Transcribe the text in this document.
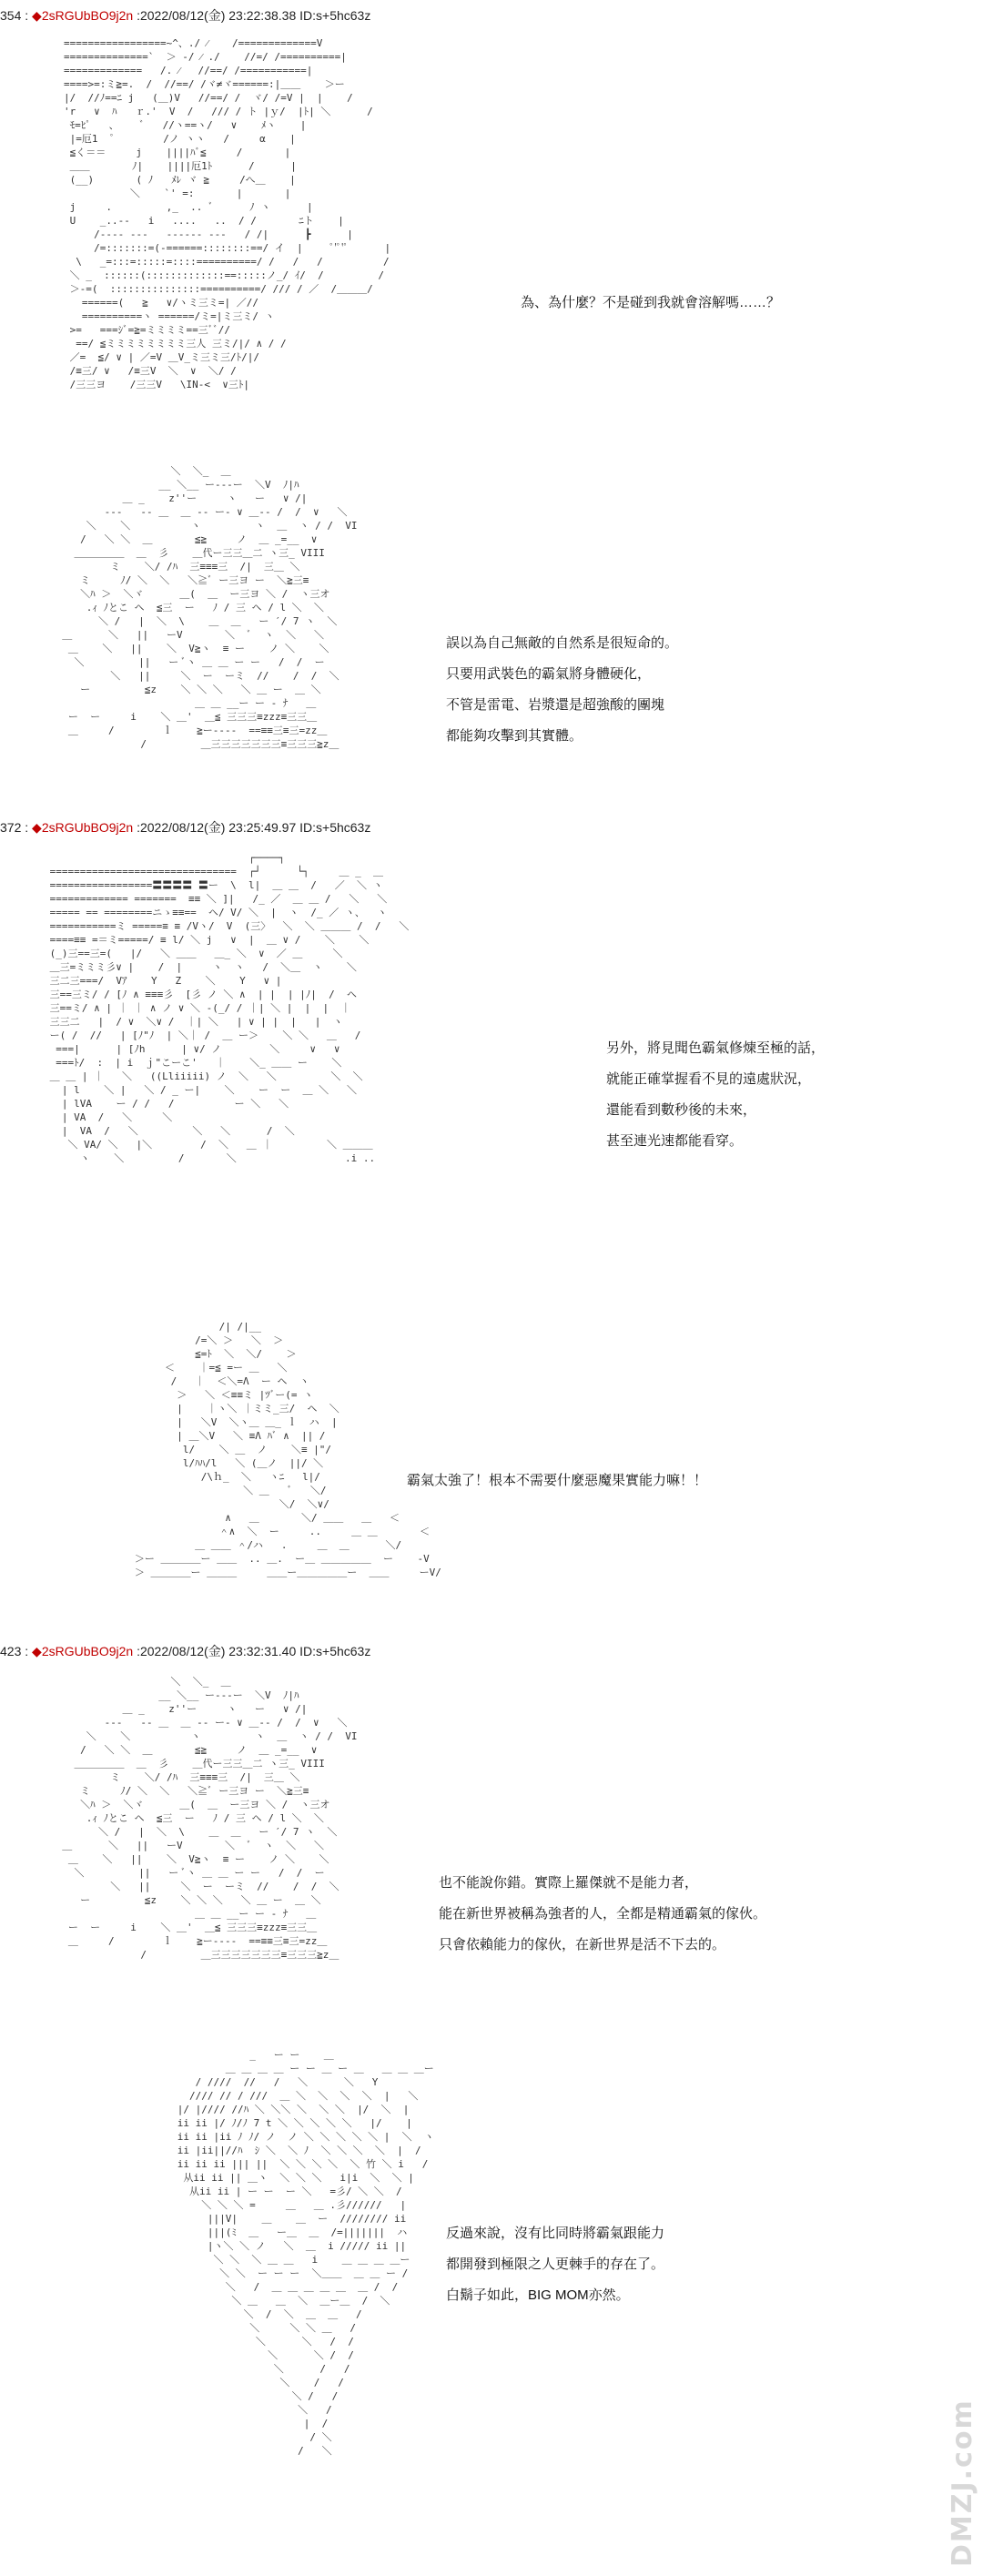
354 : ◆2sRGUbBO9j2n :2022/08/12(金) 23:22:38.38 ID:s+5hc63z
=================~^、./ ⁄    /=============V
==============`  ＞ -/ ⁄ ./    //=/ /==========|
=============   /. ⁄   //==/ /===========|
====>=:ミ≧=.  /  //==/ /ヾ≠ヾ======:|＿＿    ＞ー
|/  //ﾉ==ﾆ j   (＿)V   //==/ /  ヾ/ /=V |  |    /
'r   ∨  ﾊ   ｒ.'  V  /   /// / ト |ｙ/  |ﾄ| ＼      /
ﾓ=ﾋﾟ   、    ﾞ   //ヽ==ヽ/   ∨    ﾒヽ    |
|=厄1  ﾟ        /ノ ヽヽ   /     α    |
≦く＝＝     j    ||||ﾊﾞ≦     /       |
＿＿       ﾉ|    ||||厄1ﾄ      /      |
(__)       ( ﾉ   ﾒﾚ ヾ ≧     /へ＿    |
＼    `' =:       |       |
j     .         ,_  .. ﾞ      ﾉ ヽ      |
U    _..--   i   ....   ..  / /       ﾆト    |
/---- ---   ------ ---   / /|      ┣      |
/=:::::::=(-======::::::::==/ イ  |     ﾟ'ﾟ'ﾟ      |
\   _=:::=:::::=::::==========/ /   /   /          /
＼ _  ::::::(:::::::::::::==:::::ノ_/ ｲ/  /         /
＞-=(  :::::::::::::::==========/ /// / ／  /＿＿＿/
======(   ≧   ∨/ヽミ三ミ=| ／//
==========ヽ ======/ミ=|ミ三ミ/ ヽ
>=   ===ｼﾞ=≧=ミミミミ==三ﾞﾞ//
==/ ≦ミミミミミミミミ三人 三ミ/|/ ∧ / /
／=  ≦/ ∨ | ／=V ＿V_ミ三ミ三/ﾄ/|/
/≡三/ ∨   /≡三V  ＼  ∨  ＼/ /
/三三ヨ    /三三V   \IN-<  ∨三ﾄ|

為、為什麼？不是碰到我就會溶解嗎……？
＼  ＼_  ＿
__ ＼__ ー---ー  ＼V  ﾉ|ﾊ
＿ _    z''ー     ヽ   ー   ∨ /|
---   -- ＿  ＿ -- ー- ∨ ＿-- /  /  ∨   ＼
＼    ＼          ヽ         ヽ  ＿  ヽ / /  VI
/   ＼ ＼  ＿       ≦≧     ノ  ＿ _=__  ∨
＿＿＿＿＿  ＿  彡    ＿代ー三三＿二 ヽ三_ VIII
ミ    ＼/ /ﾊ  三≡≡≡三  /|  三＿ ＼
ミ     ﾉ/ ＼  ＼   ＼≧ﾞ ー三ヨ ー  ＼≧三≡
＼ﾊ ＞  ＼ヾ      ＿(  ＿  ー三ヨ ＼ /  ヽ三オ
.ｨ ﾉとこ ヘ  ≦三  ー   ﾉ / 三 ヘ / l ＼  ＼
＼ /   |  ＼  \    ＿  ＿   ー ′/ 7 ヽ  ＼
＿      ＼   ||   ーV       ＼  ﾞ  ヽ  ＼   ＼
＿    ＼   ||    ＼  V≧ヽ  ≡ ー    ノ ＼    ＼
＼         ||   ー ﾞヽ ＿ ＿ ー ー   /  /  ー
＼   ||     ＼  ー  ーミ  //    /  /  ＼
ー         ≦z    ＼ ＼ ＼   ＼ ＿ ー  ＿ ＼
＿ ＿ __ー ー - ﾅ   ＿
ー  ー     i    ＼ ＿'  ＿≦ 三三三≡zzz≡三三＿
＿     /        ｌ    ≧ー----  ==≡≡三≡三=zz＿
/         ＿三三三三三三三≡三三三≧z＿

誤以為自己無敵的自然系是很短命的。
只要用武裝色的霸氣將身體硬化，
不管是雷電、岩漿還是超強酸的團塊
都能夠攻擊到其實體。
372 : ◆2sRGUbBO9j2n :2022/08/12(金) 23:25:49.97 ID:s+5hc63z
┌────┐
===============================  ┌┘      └┐     ＿ _  ＿
=================〓〓〓〓 〓ー  \  l|  ＿ ＿  /   ／  ＼ ヽ
============= =======  ≡≡ ＼ ]|   /_ ／  ＿ ＿ /   ＼   ＼
===== == ========ニゝ≡≡==  ヘ/ V/ ＼  |  ヽ  /_ ／ ヽ、  ヽ
===========ミ =====≡ ≡ /Vヽ/  V  (三〉  ＼  ＼ ＿＿＿ /  /   ＼
====≡≡ =＝ミ=====/ ≡ l/ ＼ j   ∨  |  ＿ ∨ /    ＼    ＼
(_)三==三=(   |/   ＼ ＿＿   ＿_ ＼  ∨  ／ ＿     ＼
＿三=ミミミ彡∨ |    /  |     ヽ  ヽ   /  ＼＿  ヽ    ＼
三二三===/  Vｱ    Y   Z    ＼    Y   ∨ |
三==三ミ/ / [ﾉ ∧ ≡≡≡彡  [彡 ノ ＼ ∧  | |  | |ﾉ|  /  ヘ
三==ミ/ ∧ | ｜ ｜ ∧ ノ ∨ ＼ -(_/ / ｜| ＼ |  |  |  ｜
三三二   |  / ∨  ＼∨ /  ｜| ＼   | ∨ | |  |   |  ヽ
ー( /  //   | [ﾉ"ﾉ  | ＼｜ /  ＿ ー＞    ＼ ＼   ＿   /
===|      | [ﾉh      | ∨/ ノ        ＼     ∨   ∨
===ﾄ/  :  | i  ｊ"こーこ'   ｜    ＼_ ＿＿ ー    ＼
＿ ＿ | ｜   ＼   ((Lliiiii) ノ  ＼   ＼         ＼  ＼
| l    ＼ |   ＼ / _ ー|    ＼    ー  ー  ＿ ＼   ＼
| lVA    ー / /   /          ー ＼   ＼
| VA  /   ＼     ＼
|  VA  /   ＼         ＼   ＼      /  ＼
＼ VA/ ＼   |＼        /  ＼   ＿ ｜         ＼ ＿＿＿
ヽ    ＼         /       ＼                  .i ..

另外，將見聞色霸氣修煉至極的話，
就能正確掌握看不見的遠處狀況，
還能看到數秒後的未來，
甚至連光速都能看穿。
/| /|__
/=＼ ＞   ＼  ＞
≦=ﾄ  ＼  ＼/    ＞
＜    ｜=≦ =ー ＿   ＼
/   ｜  ＜＼=Λ  ー ヘ  ヽ
＞   ＼ ＜≡≡ミ |ﾂﾞー(= ヽ
|    ｜ヽ＼ ｜ミミ_三/  ヘ  ＼
|   ＼V  ＼ヽ＿ ＿_ ｌ  ハ  |
| ＿＼V   ＼ ≡Λ ﾊﾞ ∧  || /
l/    ＼ ＿  ノ    ＼≡ |"/
l/ﾊﾊ/l   ＼ (＿ノ  ||/ ＼
/\ｈ_  ＼   ヽﾆ   l|/
＼ ＿   ﾞ   ＼/
＼/  ＼∨/
∧   ＿       ＼/ ＿＿   ＿   ＜
＾∧  ＼  ー     ..     ＿ ＿       ＜
＿ ＿＿ ＾/ハ   .     ＿  ＿      ＼/
＞ー ＿＿＿＿ー ＿＿  .. ＿.  ー＿ ＿＿＿＿＿  ー    -V
＞ ＿＿＿＿ー ＿＿＿     ＿＿ー＿＿＿＿＿ー  ＿＿     ーV/

霸氣太強了！根本不需要什麼惡魔果實能力嘛！！
423 : ◆2sRGUbBO9j2n :2022/08/12(金) 23:32:31.40 ID:s+5hc63z
＼  ＼_  ＿
__ ＼__ ー---ー  ＼V  ﾉ|ﾊ
＿ _    z''ー     ヽ   ー   ∨ /|
---   -- ＿  ＿ -- ー- ∨ ＿-- /  /  ∨   ＼
＼    ＼          ヽ         ヽ  ＿  ヽ / /  VI
/   ＼ ＼  ＿       ≦≧     ノ  ＿ _=__  ∨
＿＿＿＿＿  ＿  彡    ＿代ー三三＿二 ヽ三_ VIII
ミ    ＼/ /ﾊ  三≡≡≡三  /|  三＿ ＼
ミ     ﾉ/ ＼  ＼   ＼≧ﾞ ー三ヨ ー  ＼≧三≡
＼ﾊ ＞  ＼ヾ      ＿(  ＿  ー三ヨ ＼ /  ヽ三オ
.ｨ ﾉとこ ヘ  ≦三  ー   ﾉ / 三 ヘ / l ＼  ＼
＼ /   |  ＼  \    ＿  ＿   ー ′/ 7 ヽ  ＼
＿      ＼   ||   ーV       ＼  ﾞ  ヽ  ＼   ＼
＿    ＼   ||    ＼  V≧ヽ  ≡ ー    ノ ＼    ＼
＼         ||   ー ﾞヽ ＿ ＿ ー ー   /  /  ー
＼   ||     ＼  ー  ーミ  //    /  /  ＼
ー         ≦z    ＼ ＼ ＼   ＼ ＿ ー  ＿ ＼
＿ ＿ __ー ー - ﾅ   ＿
ー  ー     i    ＼ ＿'  ＿≦ 三三三≡zzz≡三三＿
＿     /        ｌ    ≧ー----  ==≡≡三≡三=zz＿
/         ＿三三三三三三三≡三三三≧z＿

也不能說你錯。實際上羅傑就不是能力者，
能在新世界被稱為強者的人，全都是精通霸氣的傢伙。
只會依賴能力的傢伙，在新世界是活不下去的。
_   ー ー    ＿
＿ ＿ ＿ ＿ ー ー ＿ ー ＿   ＿ ＿ ＿ー
/ ////  //   /   ＼      ＼   Y
//// // / ///  ＿ ＼  ＼  ＼  ＼  |   ＼
|/ |//// //ﾊ ＼ ＼＼ ＼  ＼ ＼  |/  ＼  |
ii ii |/ ﾉ/ﾉ 7 t ＼ ＼ ＼ ＼ ＼   |/    |
ii ii |ii ﾉ ﾉ/ ノ  ノ ＼ ＼ ＼ ＼ ＼ |  ＼  ヽ
ii |ii||//ﾊ  ｼ ＼  ＼ ﾉ  ＼ ＼ ＼  ＼  |  /
ii ii ii ||| ||  ＼ ＼ ＼ ＼  ＼ 竹 ＼ i   /
从ii ii || ＿ヽ  ＼ ＼ ＼   i|i  ＼  ＼ |
从ii ii | ー ー  ー ＼   =彡/ ＼ ＼  /
＼ ＼ ＼ =     ＿   ＿ .彡//////   |
|||V|    ＿    ＿  ー  //////// ii
|||(ﾐ  ＿   ー＿  ＿  /=|||||||  ハ
|ヽ＼ ＼ ノ   ＼  ＿  i ///// ii ||
＼ ＼  ＼ ＿ ＿   i    ＿ ＿ ＿ ＿ー
＼ ＼  ー ー ー  ＼＿＿  ＿ ＿ ー /
＼   /  ＿ ＿ ＿ ＿ ＿  ＿ /  /
＼ ＿   ＿  ＼  ＿ー＿  /  ＼
＼  /  ＼  ＿  ＿   /
＼     ＼ ＼ ＿   /
＼      ＼   /  /
＼      ＼ /  /
＼      /   /
＼    /   /
＼ /   /
＼   /
|  /
/ ＼
/   ＼

反過來說，沒有比同時將霸氣跟能力
都開發到極限之人更棘手的存在了。
白鬍子如此，BIG MOM亦然。
DMZJ.com
